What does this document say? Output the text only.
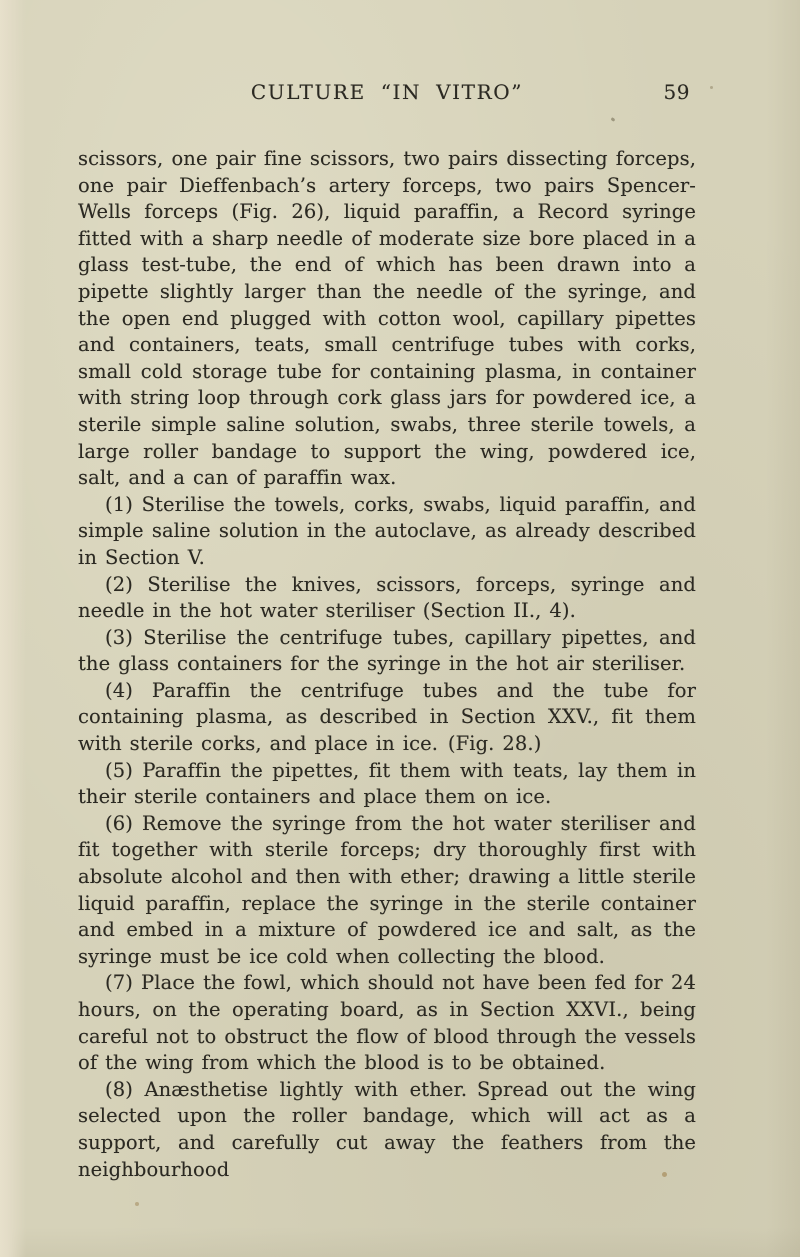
CULTURE “IN VITRO”	59

scissors, one pair fine scissors, two pairs dissecting forceps, one pair Dieffenbach’s artery forceps, two pairs Spencer-Wells forceps (Fig. 26), liquid paraffin, a Record syringe fitted with a sharp needle of moderate size bore placed in a glass test-tube, the end of which has been drawn into a pipette slightly larger than the needle of the syringe, and the open end plugged with cotton wool, capillary pipettes and containers, teats, small centrifuge tubes with corks, small cold storage tube for containing plasma, in container with string loop through cork glass jars for powdered ice, a sterile simple saline solution, swabs, three sterile towels, a large roller bandage to support the wing, powdered ice, salt, and a can of paraffin wax.

(1) Sterilise the towels, corks, swabs, liquid paraffin, and simple saline solution in the autoclave, as already described in Section V.

(2) Sterilise the knives, scissors, forceps, syringe and needle in the hot water steriliser (Section II., 4).

(3) Sterilise the centrifuge tubes, capillary pipettes, and the glass containers for the syringe in the hot air steriliser.

(4) Paraffin the centrifuge tubes and the tube for containing plasma, as described in Section XXV., fit them with sterile corks, and place in ice. (Fig. 28.)

(5) Paraffin the pipettes, fit them with teats, lay them in their sterile containers and place them on ice.

(6) Remove the syringe from the hot water steriliser and fit together with sterile forceps; dry thoroughly first with absolute alcohol and then with ether; drawing a little sterile liquid paraffin, replace the syringe in the sterile container and embed in a mixture of powdered ice and salt, as the syringe must be ice cold when collecting the blood.

(7) Place the fowl, which should not have been fed for 24 hours, on the operating board, as in Section XXVI., being careful not to obstruct the flow of blood through the vessels of the wing from which the blood is to be obtained.

(8) Anæsthetise lightly with ether. Spread out the wing selected upon the roller bandage, which will act as a support, and carefully cut away the feathers from the neighbourhood
